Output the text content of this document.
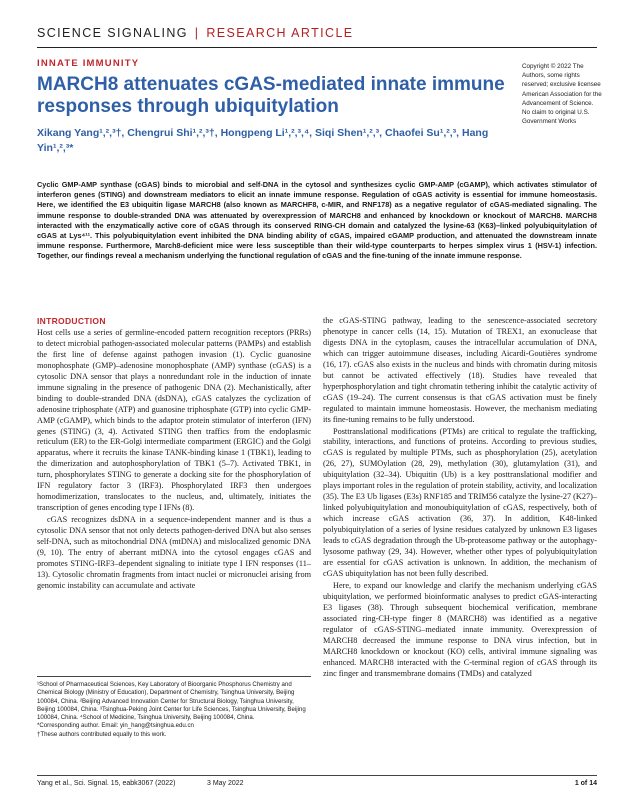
SCIENCE SIGNALING | RESEARCH ARTICLE
INNATE IMMUNITY
MARCH8 attenuates cGAS-mediated innate immune responses through ubiquitylation
Xikang Yang¹,²,³†, Chengrui Shi¹,²,³†, Hongpeng Li¹,²,³,⁴, Siqi Shen¹,²,³, Chaofei Su¹,²,³, Hang Yin¹,²,³*
Copyright © 2022 The Authors, some rights reserved; exclusive licensee American Association for the Advancement of Science. No claim to original U.S. Government Works

Cyclic GMP-AMP synthase (cGAS) binds to microbial and self-DNA in the cytosol and synthesizes cyclic GMP-AMP (cGAMP), which activates stimulator of interferon genes (STING) and downstream mediators to elicit an innate immune response. Regulation of cGAS activity is essential for immune homeostasis. Here, we identified the E3 ubiquitin ligase MARCH8 (also known as MARCHF8, c-MIR, and RNF178) as a negative regulator of cGAS-mediated signaling. The immune response to double-stranded DNA was attenuated by overexpression of MARCH8 and enhanced by knockdown or knockout of MARCH8. MARCH8 interacted with the enzymatically active core of cGAS through its conserved RING-CH domain and catalyzed the lysine-63 (K63)–linked polyubiquitylation of cGAS at Lys⁴¹¹. This polyubiquitylation event inhibited the DNA binding ability of cGAS, impaired cGAMP production, and attenuated the downstream innate immune response. Furthermore, March8-deficient mice were less susceptible than their wild-type counterparts to herpes simplex virus 1 (HSV-1) infection. Together, our findings reveal a mechanism underlying the functional regulation of cGAS and the fine-tuning of the innate immune response.

INTRODUCTION

Host cells use a series of germline-encoded pattern recognition receptors (PRRs) to detect microbial pathogen-associated molecular patterns (PAMPs) and establish the first line of defense against pathogen invasion (1). Cyclic guanosine monophosphate (GMP)–adenosine monophosphate (AMP) synthase (cGAS) is a cytosolic DNA sensor that plays a nonredundant role in the induction of innate immune signaling in the presence of pathogenic DNA (2). Mechanistically, after binding to double-stranded DNA (dsDNA), cGAS catalyzes the cyclization of adenosine triphosphate (ATP) and guanosine triphosphate (GTP) into cyclic GMP-AMP (cGAMP), which binds to the adaptor protein stimulator of interferon (IFN) genes (STING) (3, 4). Activated STING then traffics from the endoplasmic reticulum (ER) to the ER-Golgi intermediate compartment (ERGIC) and the Golgi apparatus, where it recruits the kinase TANK-binding kinase 1 (TBK1), leading to the dimerization and autophosphorylation of TBK1 (5–7). Activated TBK1, in turn, phosphorylates STING to generate a docking site for the phosphorylation of IFN regulatory factor 3 (IRF3). Phosphorylated IRF3 then undergoes homodimerization, translocates to the nucleus, and, ultimately, initiates the transcription of genes encoding type I IFNs (8).

cGAS recognizes dsDNA in a sequence-independent manner and is thus a cytosolic DNA sensor that not only detects pathogen-derived DNA but also senses self-DNA, such as mitochondrial DNA (mtDNA) and mislocalized genomic DNA (9, 10). The entry of aberrant mtDNA into the cytosol engages cGAS and promotes STING-IRF3–dependent signaling to initiate type I IFN responses (11–13). Cytosolic chromatin fragments from intact nuclei or micronuclei arising from genomic instability can accumulate and activate

the cGAS-STING pathway, leading to the senescence-associated secretory phenotype in cancer cells (14, 15). Mutation of TREX1, an exonuclease that digests DNA in the cytoplasm, causes the intracellular accumulation of DNA, which can trigger autoimmune diseases, including Aicardi-Goutières syndrome (16, 17). cGAS also exists in the nucleus and binds with chromatin during mitosis but cannot be activated effectively (18). Studies have revealed that hyperphosphorylation and tight chromatin tethering inhibit the catalytic activity of cGAS (19–24). The current consensus is that cGAS activation must be finely regulated to maintain immune homeostasis. However, the mechanism mediating its fine-tuning remains to be fully understood.

Posttranslational modifications (PTMs) are critical to regulate the trafficking, stability, interactions, and functions of proteins. According to previous studies, cGAS is regulated by multiple PTMs, such as phosphorylation (25), acetylation (26, 27), SUMOylation (28, 29), methylation (30), glutamylation (31), and ubiquitylation (32–34). Ubiquitin (Ub) is a key posttranslational modifier and plays important roles in the regulation of protein stability, activity, and localization (35). The E3 Ub ligases (E3s) RNF185 and TRIM56 catalyze the lysine-27 (K27)–linked polyubiquitylation and monoubiquitylation of cGAS, respectively, both of which increase cGAS activation (36, 37). In addition, K48-linked polyubiquitylation of a series of lysine residues catalyzed by unknown E3 ligases leads to cGAS degradation through the Ub-proteasome pathway or the autophagy-lysosome pathway (29, 34). However, whether other types of polyubiquitylation are essential for cGAS activation is unknown. In addition, the mechanism of cGAS ubiquitylation has not been fully described.

Here, to expand our knowledge and clarify the mechanism underlying cGAS ubiquitylation, we performed bioinformatic analyses to predict cGAS-interacting E3 ligases (38). Through subsequent biochemical verification, membrane associated ring-CH-type finger 8 (MARCH8) was identified as a negative regulator of cGAS-STING–mediated innate immunity. Overexpression of MARCH8 decreased the immune response to DNA virus infection, but in MARCH8 knockdown or knockout (KO) cells, antiviral immune signaling was enhanced. MARCH8 interacted with the C-terminal region of cGAS through its zinc finger and transmembrane domains (TMDs) and catalyzed

¹School of Pharmaceutical Sciences, Key Laboratory of Bioorganic Phosphorus Chemistry and Chemical Biology (Ministry of Education), Department of Chemistry, Tsinghua University, Beijing 100084, China. ²Beijing Advanced Innovation Center for Structural Biology, Tsinghua University, Beijing 100084, China. ³Tsinghua-Peking Joint Center for Life Sciences, Tsinghua University, Beijing 100084, China. ⁴School of Medicine, Tsinghua University, Beijing 100084, China.

*Corresponding author. Email: yin_hang@tsinghua.edu.cn

†These authors contributed equally to this work.

Yang et al., Sci. Signal. 15, eabk3067 (2022)	3 May 2022	1 of 14
